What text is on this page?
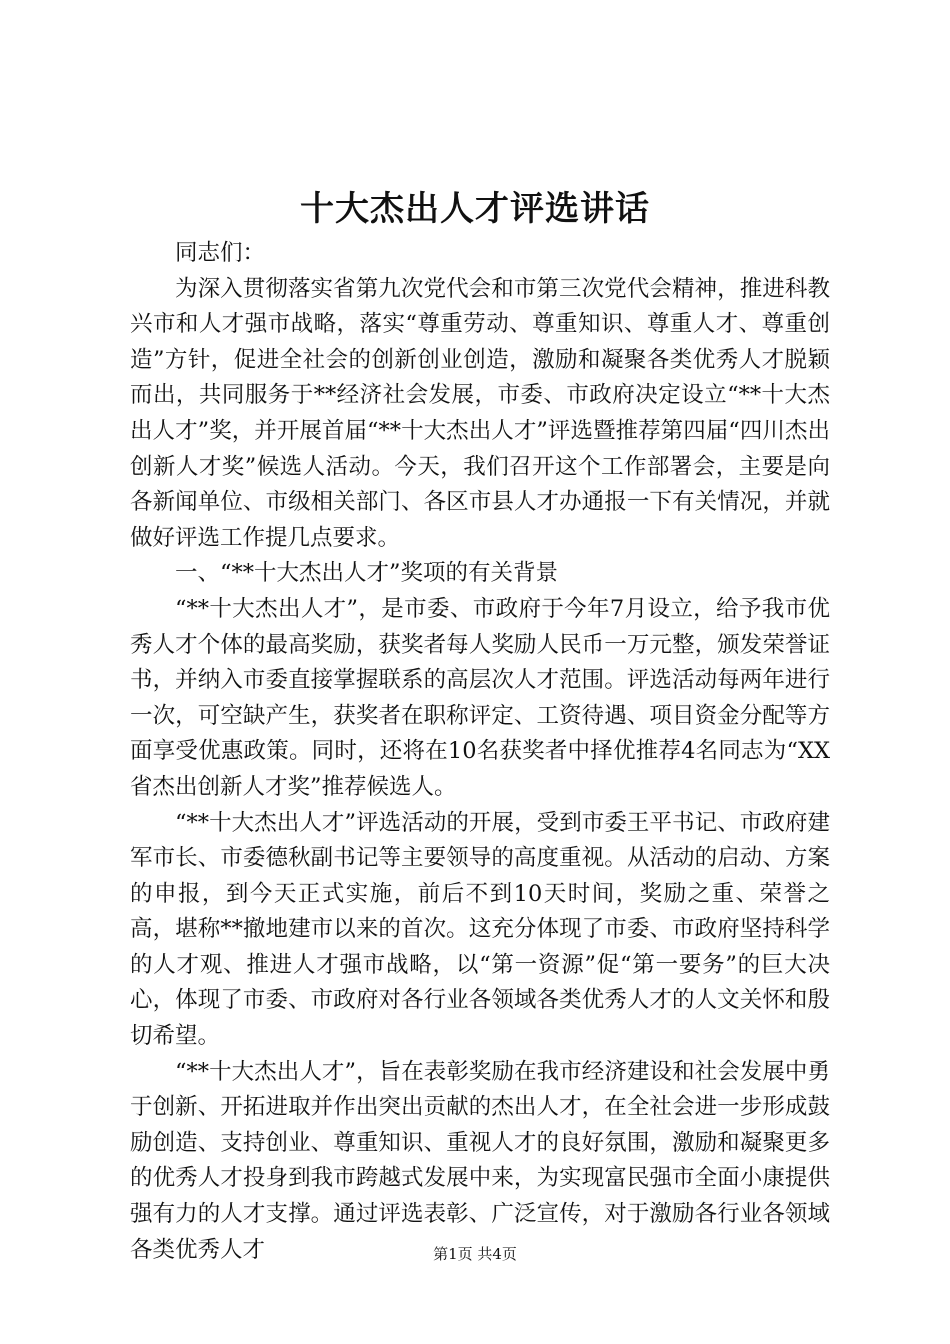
十大杰出人才评选讲话

同志们：

为深入贯彻落实省第九次党代会和市第三次党代会精神，推进科教兴市和人才强市战略，落实“尊重劳动、尊重知识、尊重人才、尊重创造”方针，促进全社会的创新创业创造，激励和凝聚各类优秀人才脱颖而出，共同服务于**经济社会发展，市委、市政府决定设立“**十大杰出人才”奖，并开展首届“**十大杰出人才”评选暨推荐第四届“四川杰出创新人才奖”候选人活动。今天，我们召开这个工作部署会，主要是向各新闻单位、市级相关部门、各区市县人才办通报一下有关情况，并就做好评选工作提几点要求。

一、“**十大杰出人才”奖项的有关背景

“**十大杰出人才”，是市委、市政府于今年7月设立，给予我市优秀人才个体的最高奖励，获奖者每人奖励人民币一万元整，颁发荣誉证书，并纳入市委直接掌握联系的高层次人才范围。评选活动每两年进行一次，可空缺产生，获奖者在职称评定、工资待遇、项目资金分配等方面享受优惠政策。同时，还将在10名获奖者中择优推荐4名同志为“XX省杰出创新人才奖”推荐候选人。

“**十大杰出人才”评选活动的开展，受到市委王平书记、市政府建军市长、市委德秋副书记等主要领导的高度重视。从活动的启动、方案的申报，到今天正式实施，前后不到10天时间，奖励之重、荣誉之高，堪称**撤地建市以来的首次。这充分体现了市委、市政府坚持科学的人才观、推进人才强市战略，以“第一资源”促“第一要务”的巨大决心，体现了市委、市政府对各行业各领域各类优秀人才的人文关怀和殷切希望。

“**十大杰出人才”，旨在表彰奖励在我市经济建设和社会发展中勇于创新、开拓进取并作出突出贡献的杰出人才，在全社会进一步形成鼓励创造、支持创业、尊重知识、重视人才的良好氛围，激励和凝聚更多的优秀人才投身到我市跨越式发展中来，为实现富民强市全面小康提供强有力的人才支撑。通过评选表彰、广泛宣传，对于激励各行业各领域各类优秀人才	第1页 共4页
